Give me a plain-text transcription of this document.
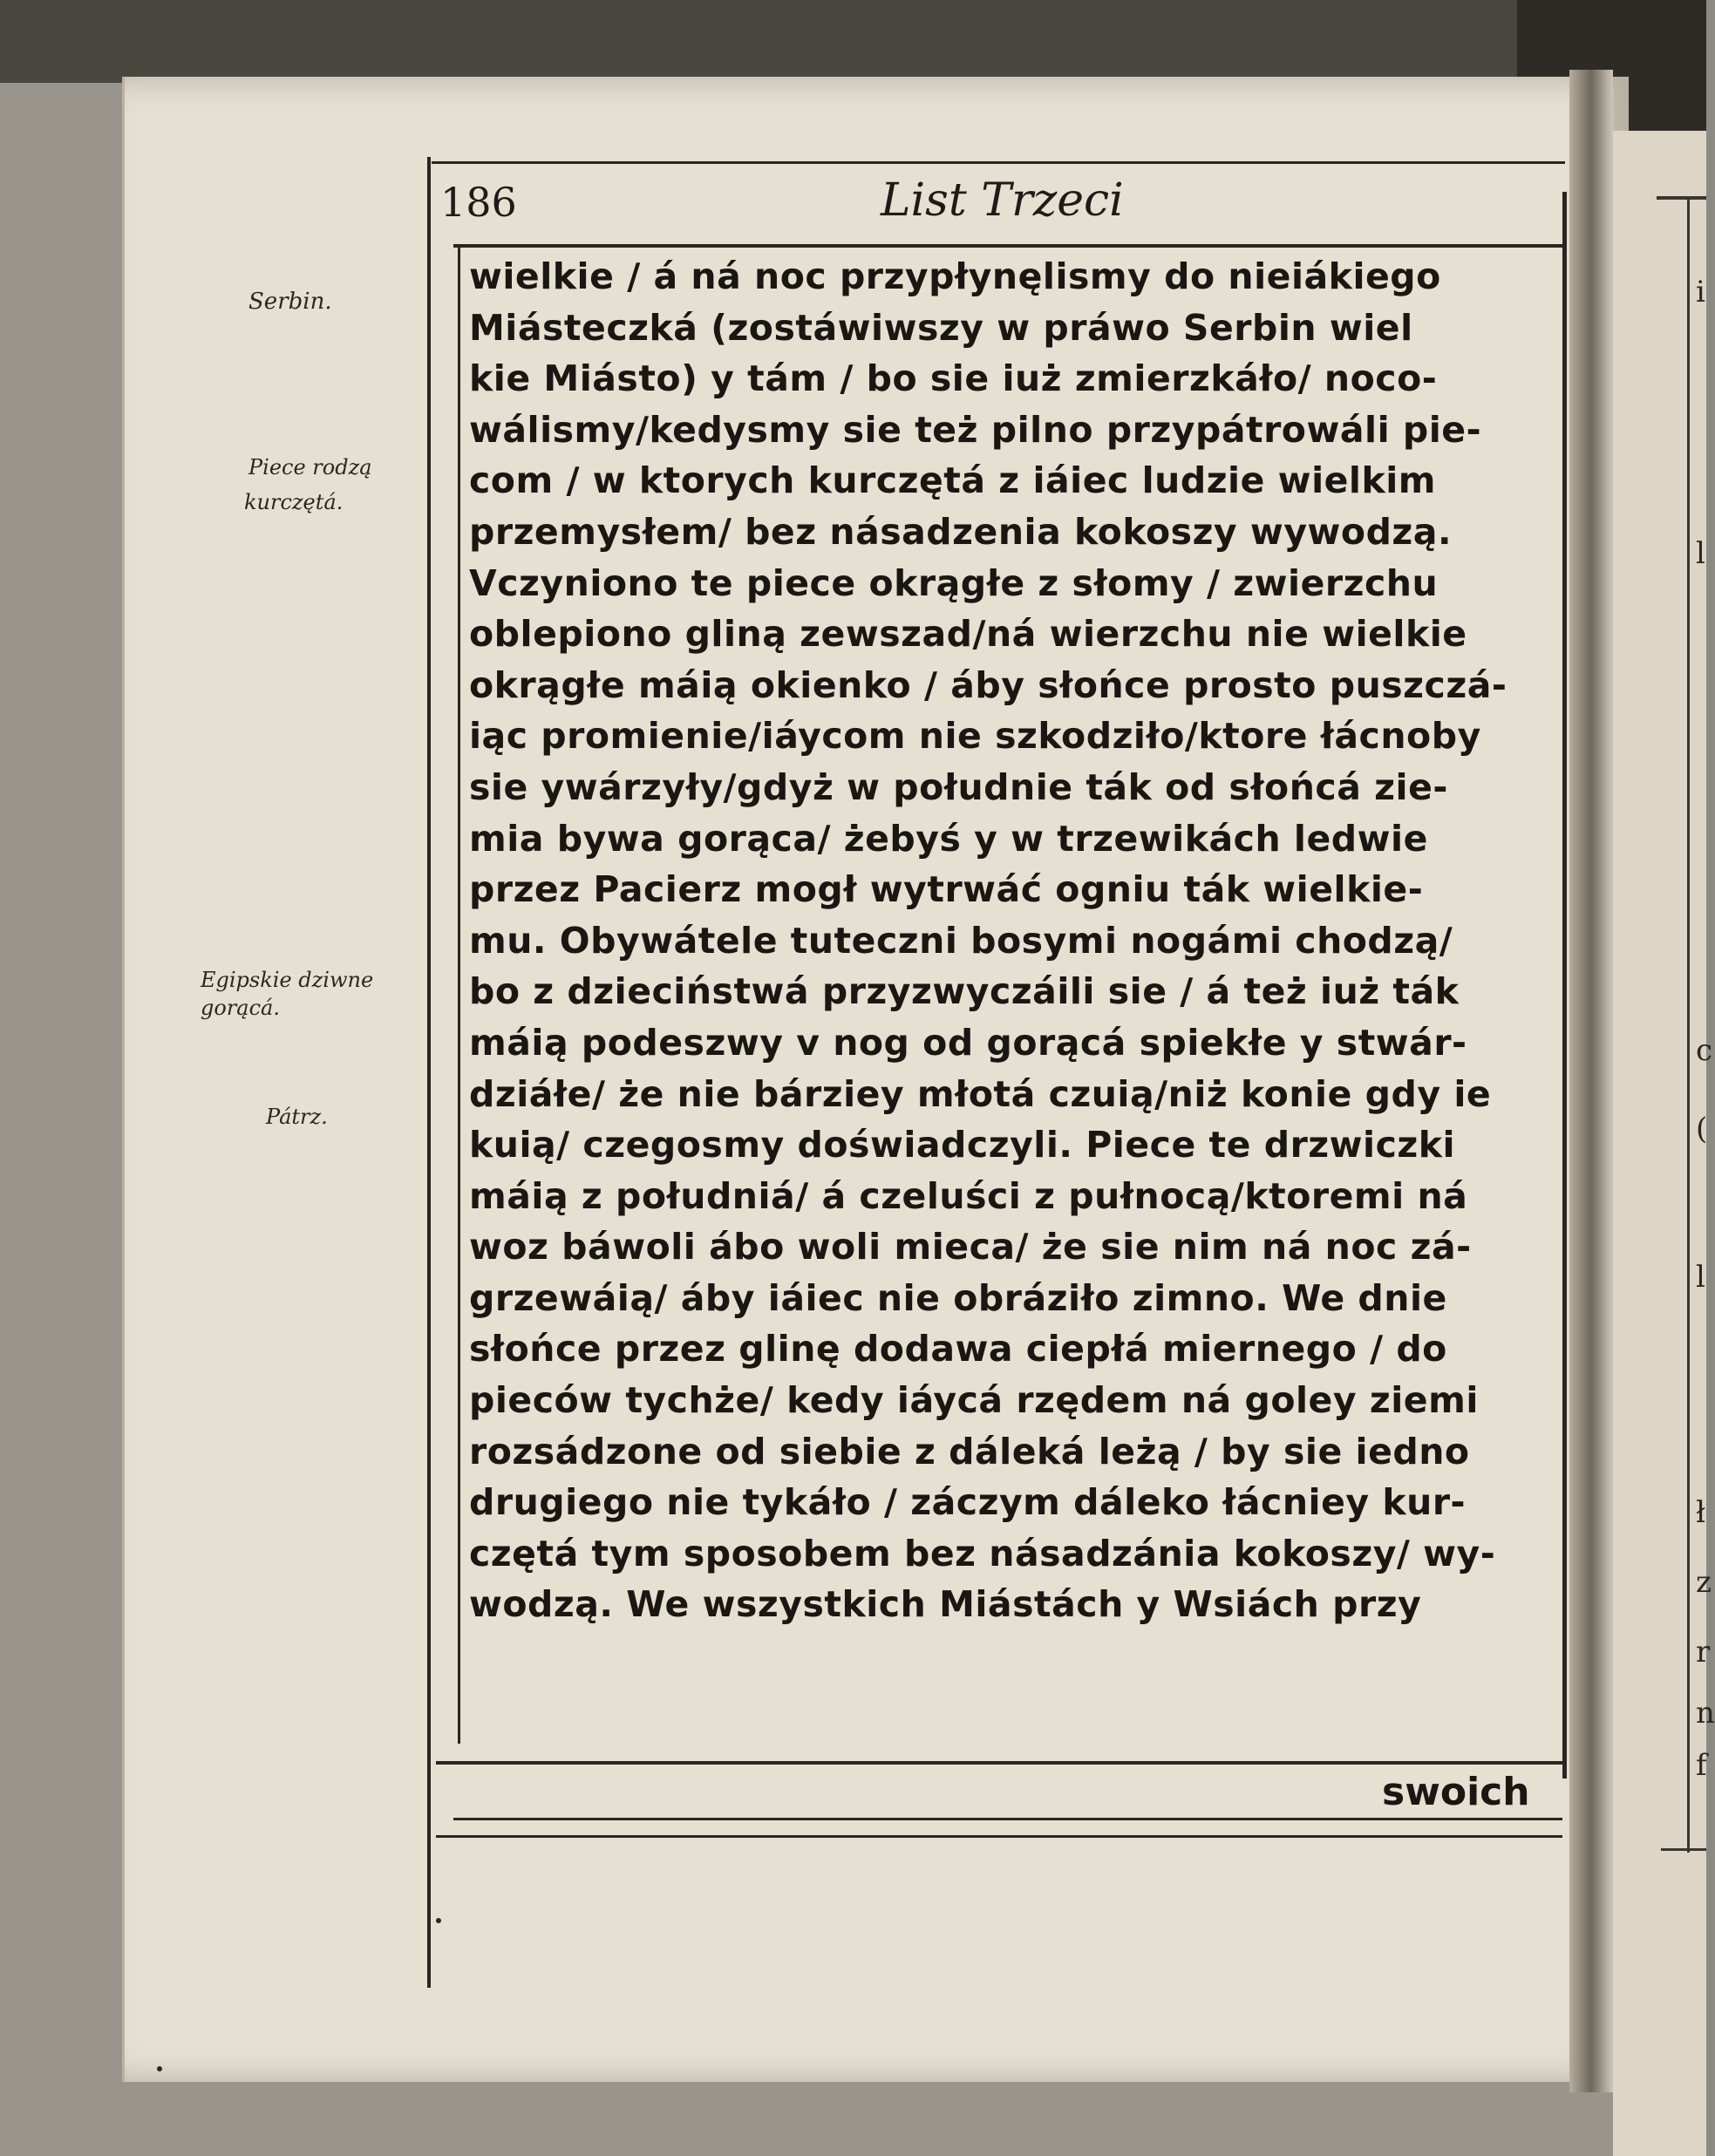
i
l
c
(
l
ł
z
r
n
f
186	List Trzeci
Serbin.
Piece rodzą
kurczętá.
Egipskie dziwne gorącá.
Pátrz.
wielkie / á ná noc przypłynęlismy do nieiákiego
Miásteczká (zostáwiwszy w práwo Serbin wiel
kie Miásto) y tám / bo sie iuż zmierzkáło/ noco-
wálismy/kedysmy sie też pilno przypátrowáli pie-
com / w ktorych kurczętá z iáiec ludzie wielkim
przemysłem/ bez násadzenia kokoszy wywodzą.
Vczyniono te piece okrągłe z słomy / zwierzchu
oblepiono gliną zewszad/ná wierzchu nie wielkie
okrągłe máią okienko / áby słońce prosto puszczá-
iąc promienie/iáycom nie szkodziło/ktore łácnoby
sie ywárzyły/gdyż w południe ták od słońcá zie-
mia bywa gorąca/ żebyś y w trzewikách ledwie
przez Pacierz mogł wytrwáć ogniu ták wielkie-
mu. Obywátele tuteczni bosymi nogámi chodzą/
bo z dzieciństwá przyzwyczáili sie / á też iuż ták
máią podeszwy v nog od gorącá spiekłe y stwár-
dziáłe/ że nie bárziey młotá czuią/niż konie gdy ie
kuią/ czegosmy doświadczyli. Piece te drzwiczki
máią z południá/ á czeluści z pułnocą/ktoremi ná
woz báwoli ábo woli mieca/ że sie nim ná noc zá-
grzewáią/ áby iáiec nie obráziło zimno. We dnie
słońce przez glinę dodawa ciepłá miernego / do
pieców tychże/ kedy iáycá rzędem ná goley ziemi
rozsádzone od siebie z dáleká leżą / by sie iedno
drugiego nie tykáło / záczym dáleko łácniey kur-
czętá tym sposobem bez násadzánia kokoszy/ wy-
wodzą. We wszystkich Miástách y Wsiách przy
swoich
